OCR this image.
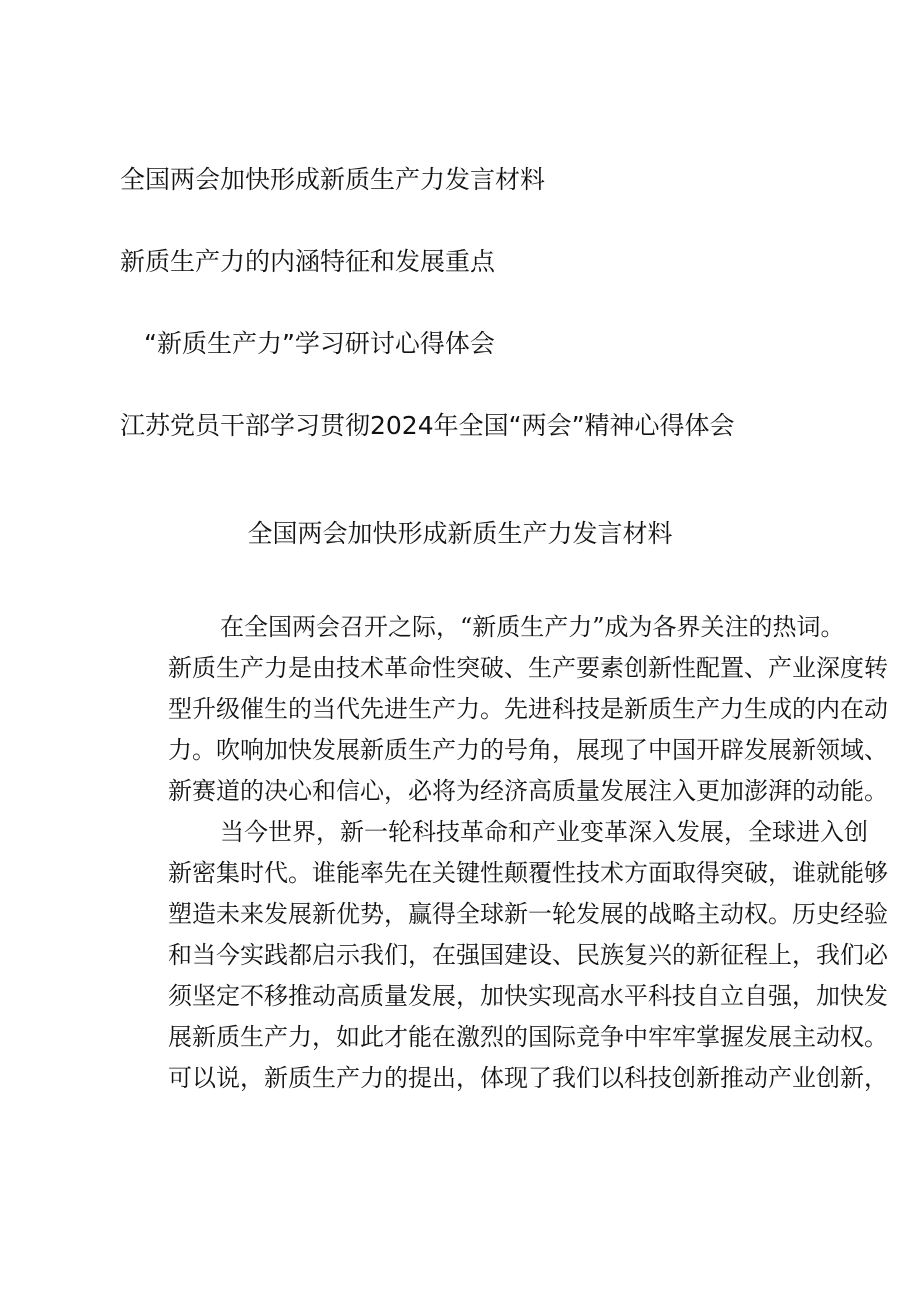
全国两会加快形成新质生产力发言材料
新质生产力的内涵特征和发展重点
“新质生产力”学习研讨心得体会
江苏党员干部学习贯彻2024年全国“两会”精神心得体会
全国两会加快形成新质生产力发言材料
在全国两会召开之际，“新质生产力”成为各界关注的热词。
新质生产力是由技术革命性突破、生产要素创新性配置、产业深度转
型升级催生的当代先进生产力。先进科技是新质生产力生成的内在动
力。吹响加快发展新质生产力的号角，展现了中国开辟发展新领域、
新赛道的决心和信心，必将为经济高质量发展注入更加澎湃的动能。
当今世界，新一轮科技革命和产业变革深入发展，全球进入创
新密集时代。谁能率先在关键性颠覆性技术方面取得突破，谁就能够
塑造未来发展新优势，赢得全球新一轮发展的战略主动权。历史经验
和当今实践都启示我们，在强国建设、民族复兴的新征程上，我们必
须坚定不移推动高质量发展，加快实现高水平科技自立自强，加快发
展新质生产力，如此才能在激烈的国际竞争中牢牢掌握发展主动权。
可以说，新质生产力的提出，体现了我们以科技创新推动产业创新，
